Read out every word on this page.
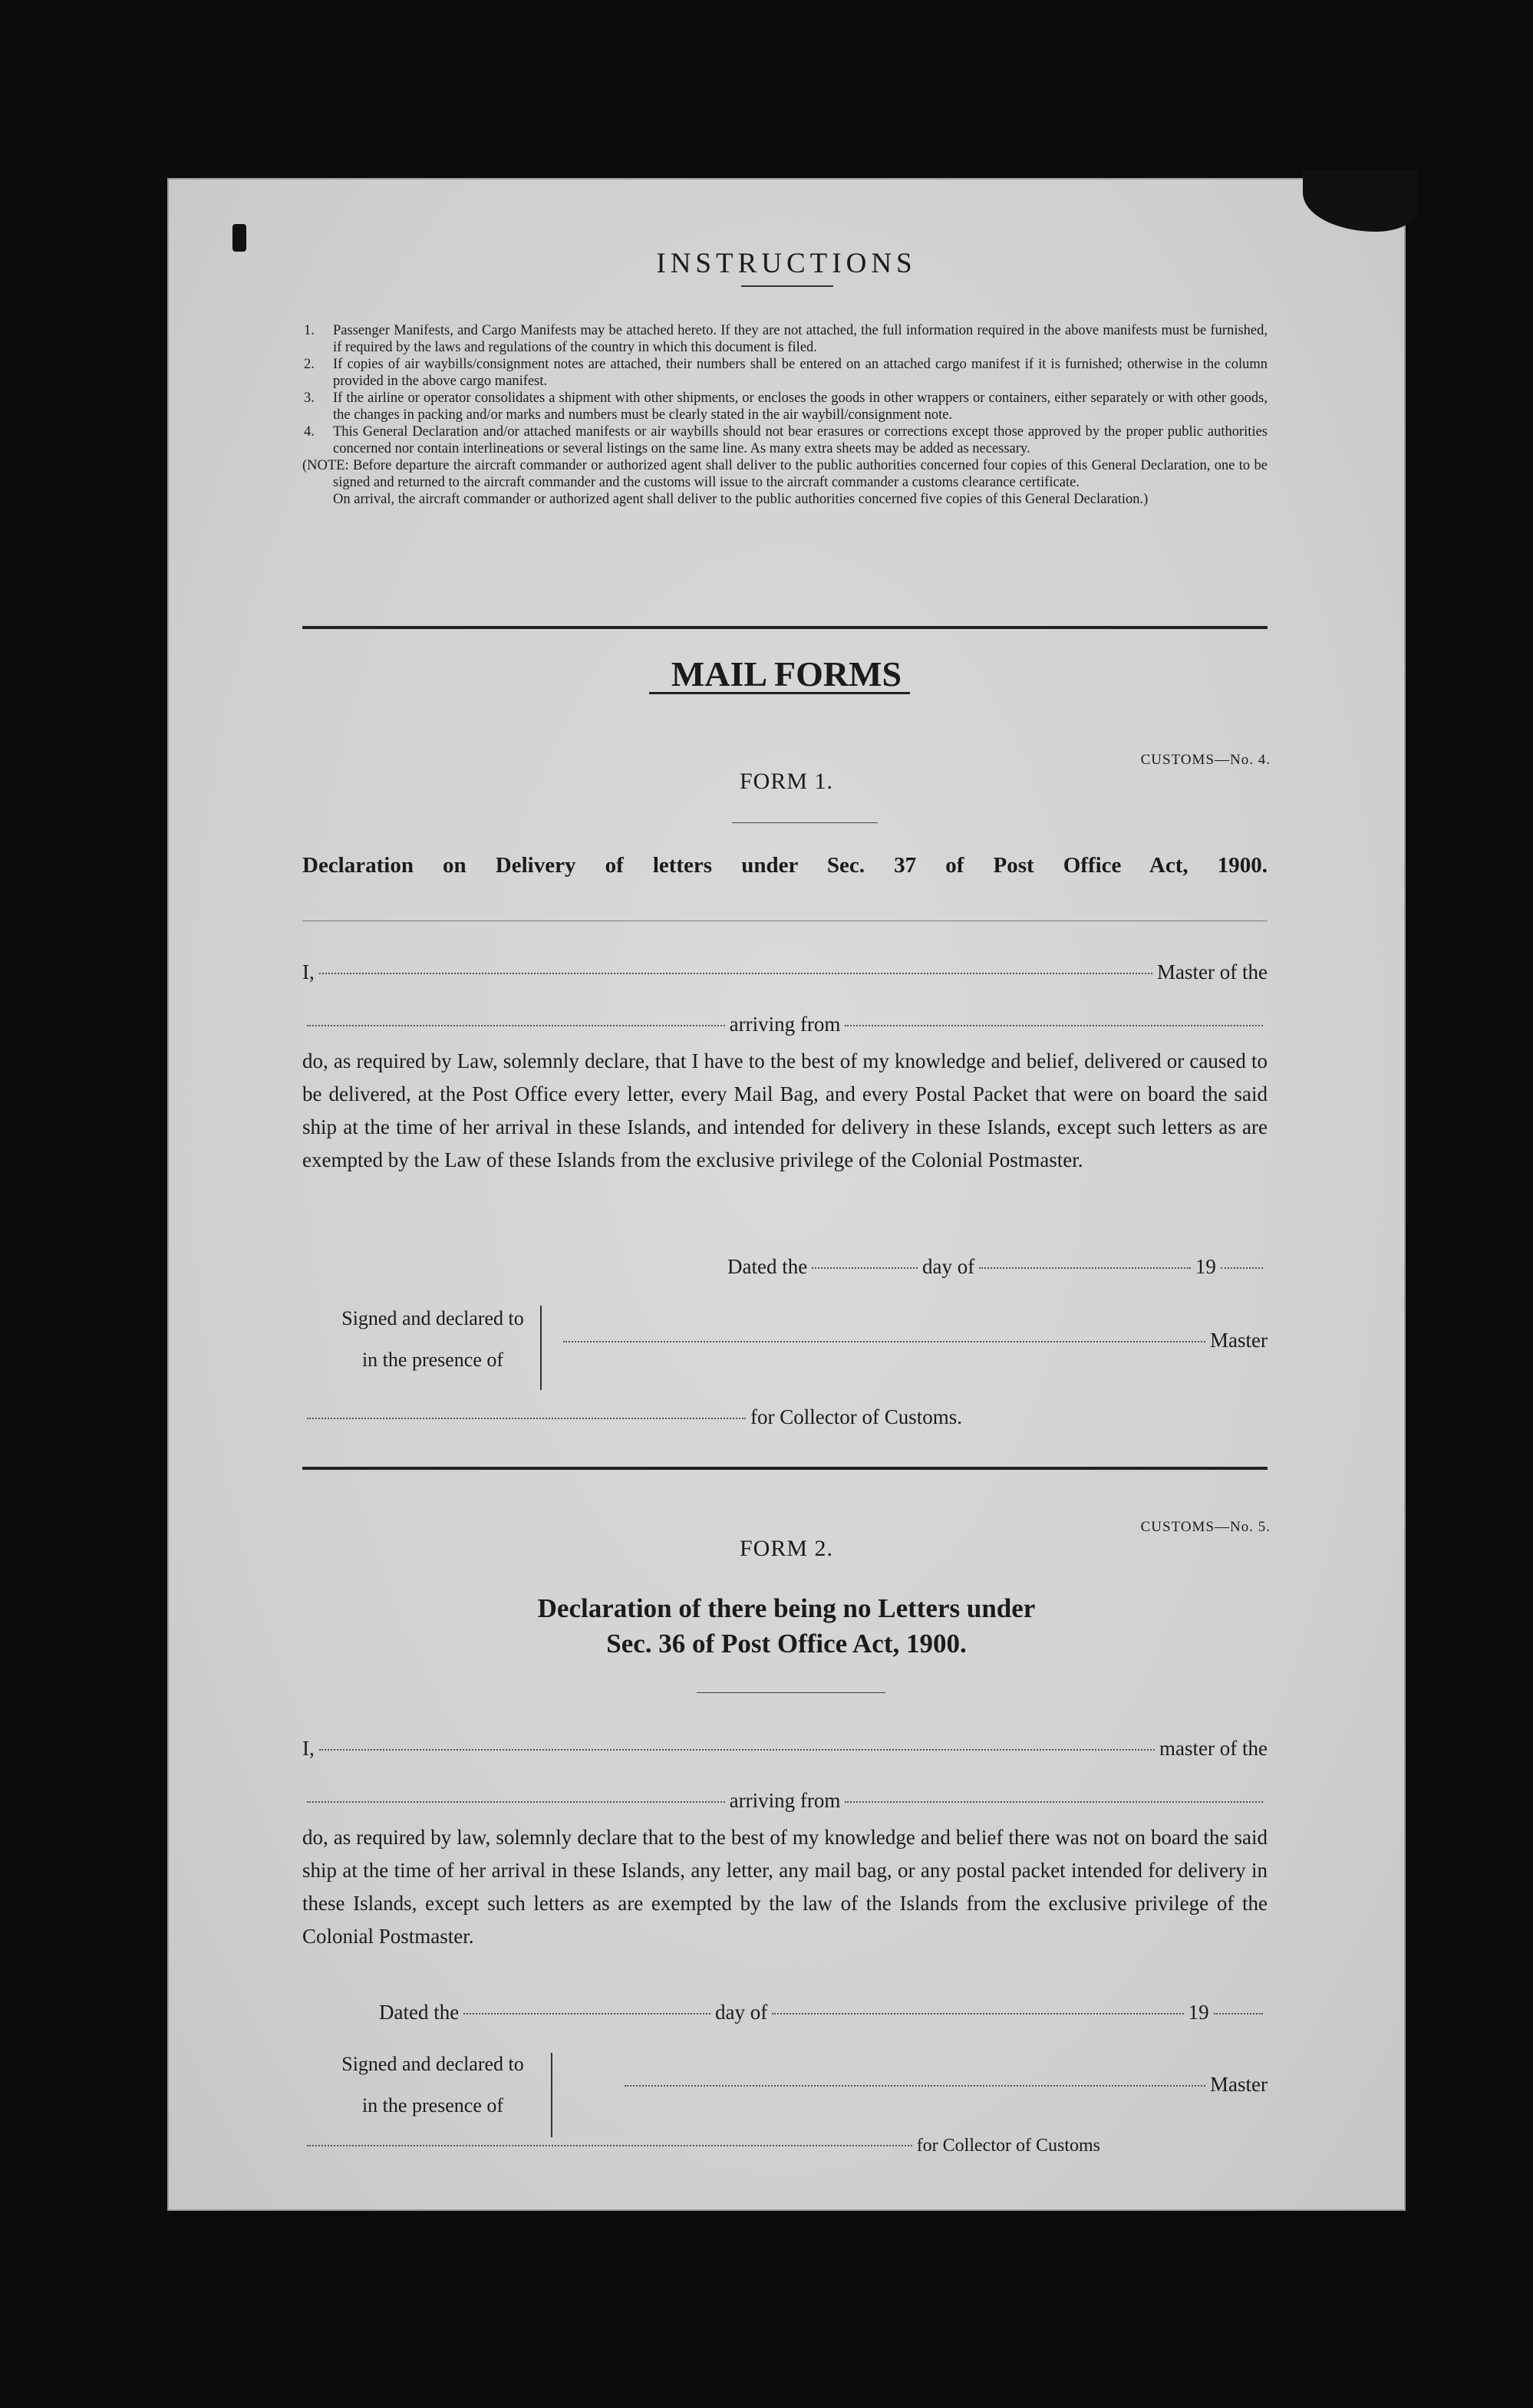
INSTRUCTIONS
1. Passenger Manifests, and Cargo Manifests may be attached hereto. If they are not attached, the full information required in the above manifests must be furnished, if required by the laws and regulations of the country in which this document is filed.
2. If copies of air waybills/consignment notes are attached, their numbers shall be entered on an attached cargo manifest if it is furnished; otherwise in the column provided in the above cargo manifest.
3. If the airline or operator consolidates a shipment with other shipments, or encloses the goods in other wrappers or containers, either separately or with other goods, the changes in packing and/or marks and numbers must be clearly stated in the air waybill/consignment note.
4. This General Declaration and/or attached manifests or air waybills should not bear erasures or corrections except those approved by the proper public authorities concerned nor contain interlineations or several listings on the same line. As many extra sheets may be added as necessary.
(NOTE: Before departure the aircraft commander or authorized agent shall deliver to the public authorities concerned four copies of this General Declaration, one to be signed and returned to the aircraft commander and the customs will issue to the aircraft commander a customs clearance certificate.
On arrival, the aircraft commander or authorized agent shall deliver to the public authorities concerned five copies of this General Declaration.)
MAIL FORMS
CUSTOMS—No. 4.
FORM 1.
Declaration on Delivery of letters under Sec. 37 of Post Office Act, 1900.
I,	Master of the
arriving from
do, as required by Law, solemnly declare, that I have to the best of my knowledge and belief, delivered or caused to be delivered, at the Post Office every letter, every Mail Bag, and every Postal Packet that were on board the said ship at the time of her arrival in these Islands, and intended for delivery in these Islands, except such letters as are exempted by the Law of these Islands from the exclusive privilege of the Colonial Postmaster.
Dated the	day of	19
Signed and declared to
in the presence of
Master
for Collector of Customs.
CUSTOMS—No. 5.
FORM 2.
Declaration of there being no Letters under
Sec. 36 of Post Office Act, 1900.
I,	master of the
arriving from
do, as required by law, solemnly declare that to the best of my knowledge and belief there was not on board the said ship at the time of her arrival in these Islands, any letter, any mail bag, or any postal packet intended for delivery in these Islands, except such letters as are exempted by the law of the Islands from the exclusive privilege of the Colonial Postmaster.
Dated the	day of	19
Signed and declared to
in the presence of
Master
for Collector of Customs
